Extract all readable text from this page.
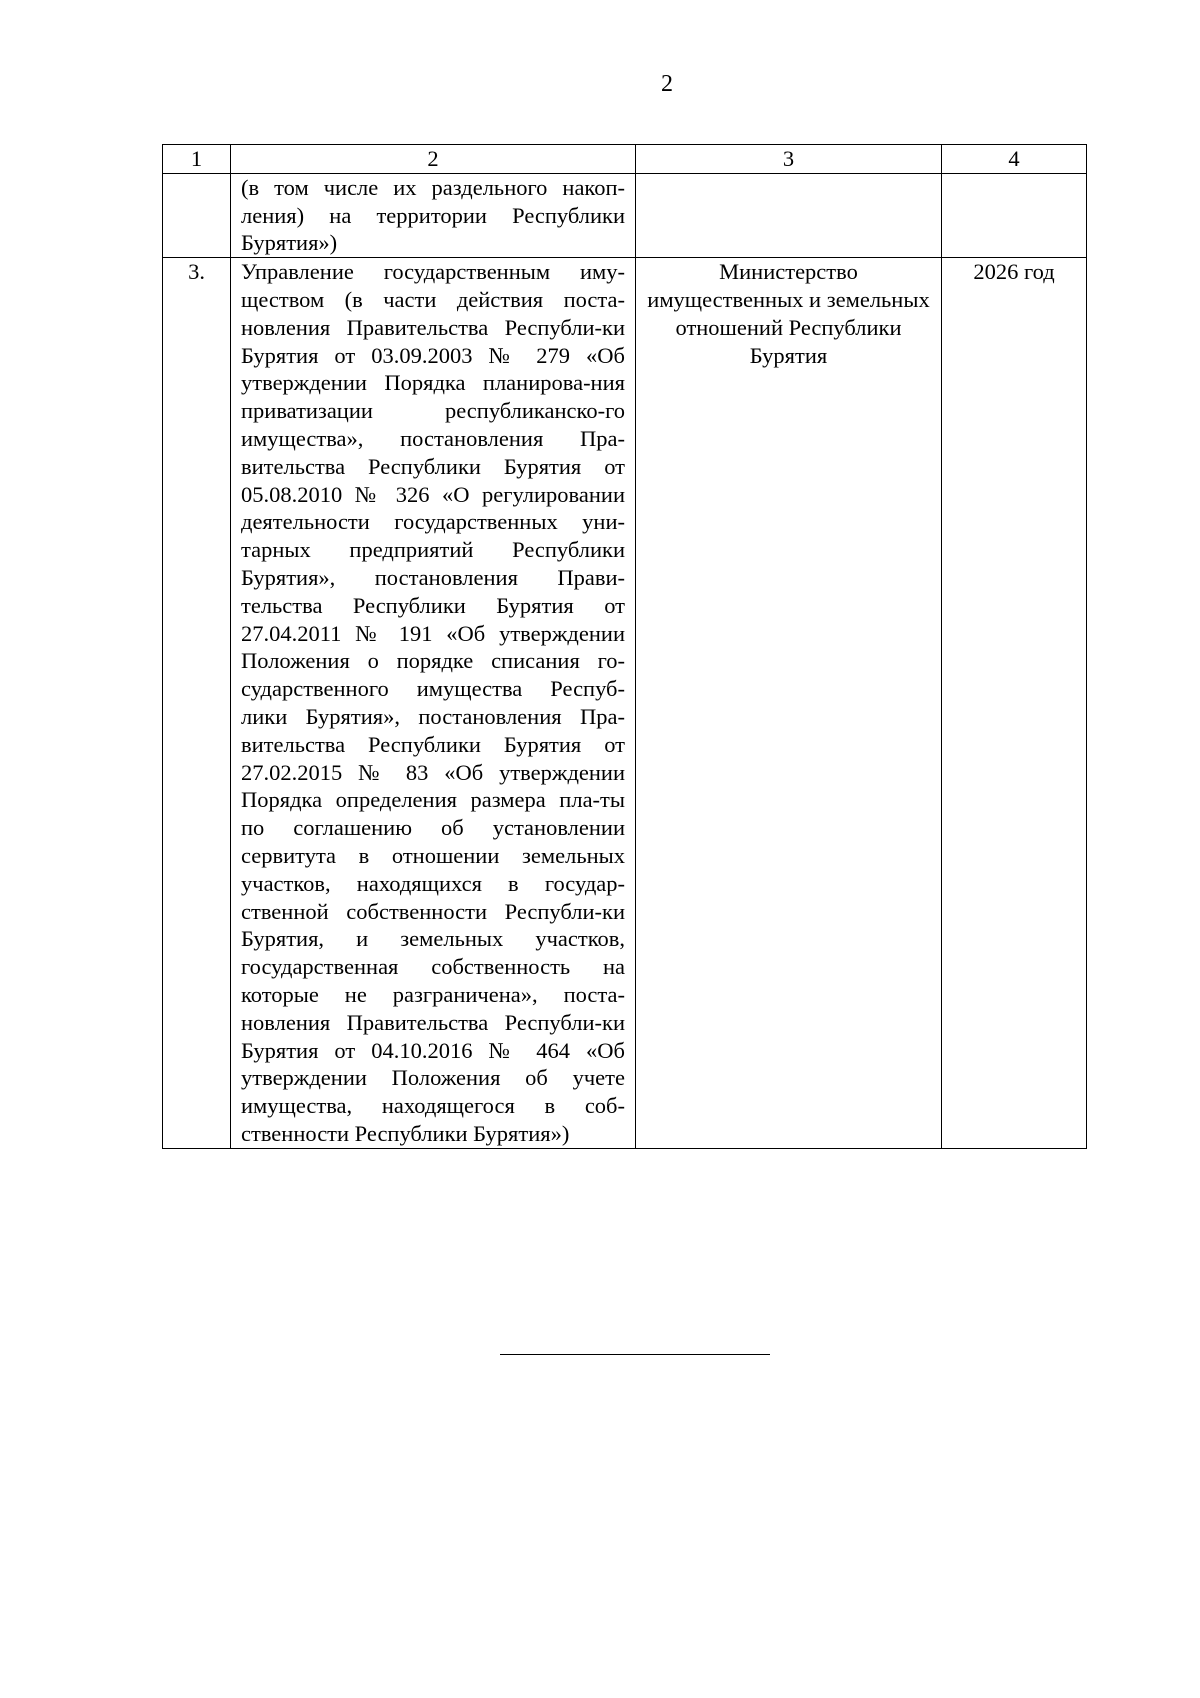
2
1	2	3	4
	(в том числе их раздельного накоп-ления) на территории Республики Бурятия»)		
3.	Управление государственным иму-ществом (в части действия поста-новления Правительства Республи-ки Бурятия от 03.09.2003 № 279 «Об утверждении Порядка планирова-ния приватизации республиканско-го имущества», постановления Пра-вительства Республики Бурятия от 05.08.2010 № 326 «О регулировании деятельности государственных уни-тарных предприятий Республики Бурятия», постановления Прави-тельства Республики Бурятия от 27.04.2011 № 191 «Об утверждении Положения о порядке списания го-сударственного имущества Респуб-лики Бурятия», постановления Пра-вительства Республики Бурятия от 27.02.2015 № 83 «Об утверждении Порядка определения размера пла-ты по соглашению об установлении сервитута в отношении земельных участков, находящихся в государ-ственной собственности Республи-ки Бурятия, и земельных участков, государственная собственность на которые не разграничена», поста-новления Правительства Республи-ки Бурятия от 04.10.2016 № 464 «Об утверждении Положения об учете имущества, находящегося в соб-ственности Республики Бурятия»)	Министерство имущественных и земельных отношений Республики Бурятия	2026 год
